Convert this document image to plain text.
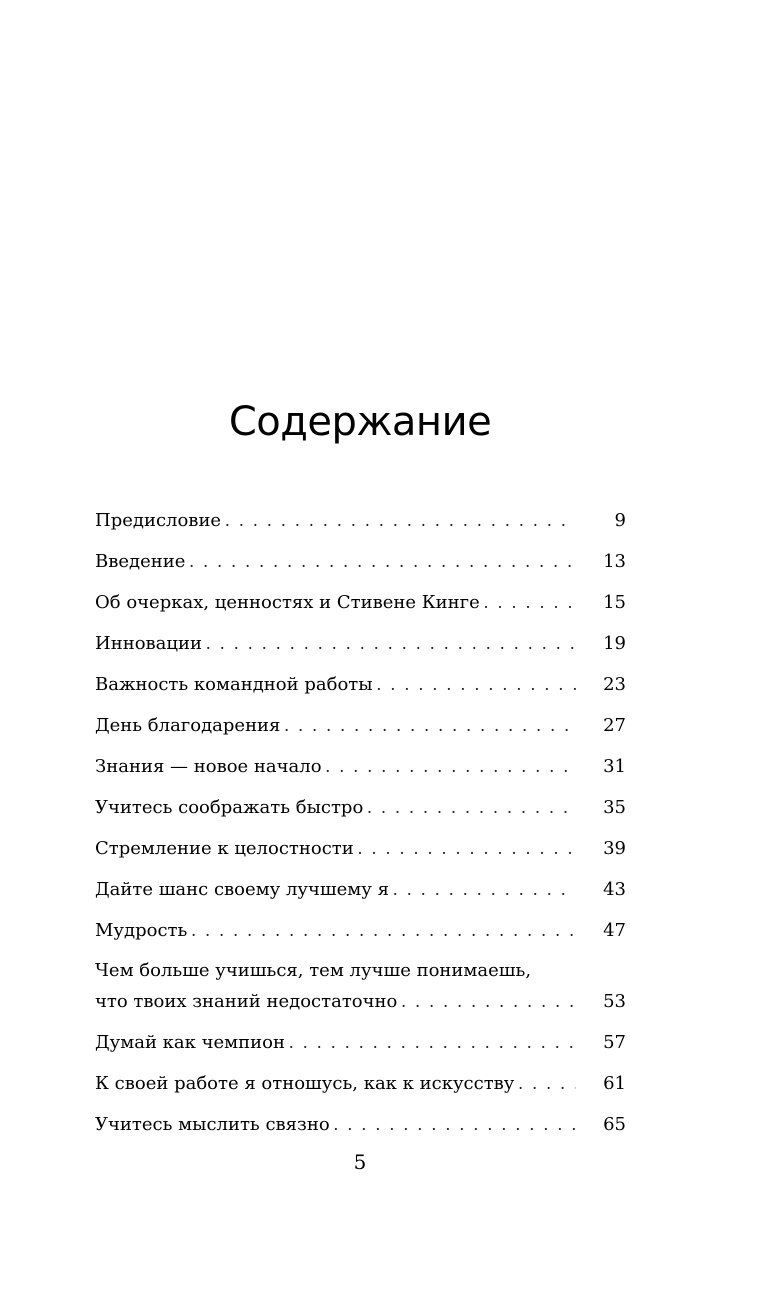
Содержание
Предисловие . . .	9
Введение . . .	13
Об очерках, ценностях и Стивене Кинге . . .	15
Инновации . . .	19
Важность командной работы . . .	23
День благодарения . . .	27
Знания — новое начало . . .	31
Учитесь соображать быстро . . .	35
Стремление к целостности . . .	39
Дайте шанс своему лучшему я . . .	43
Мудрость . . .	47
Чем больше учишься, тем лучше понимаешь,
что твоих знаний недостаточно . . .	53
Думай как чемпион . . .	57
К своей работе я отношусь, как к искусству . . .	61
Учитесь мыслить связно . . .	65
5
